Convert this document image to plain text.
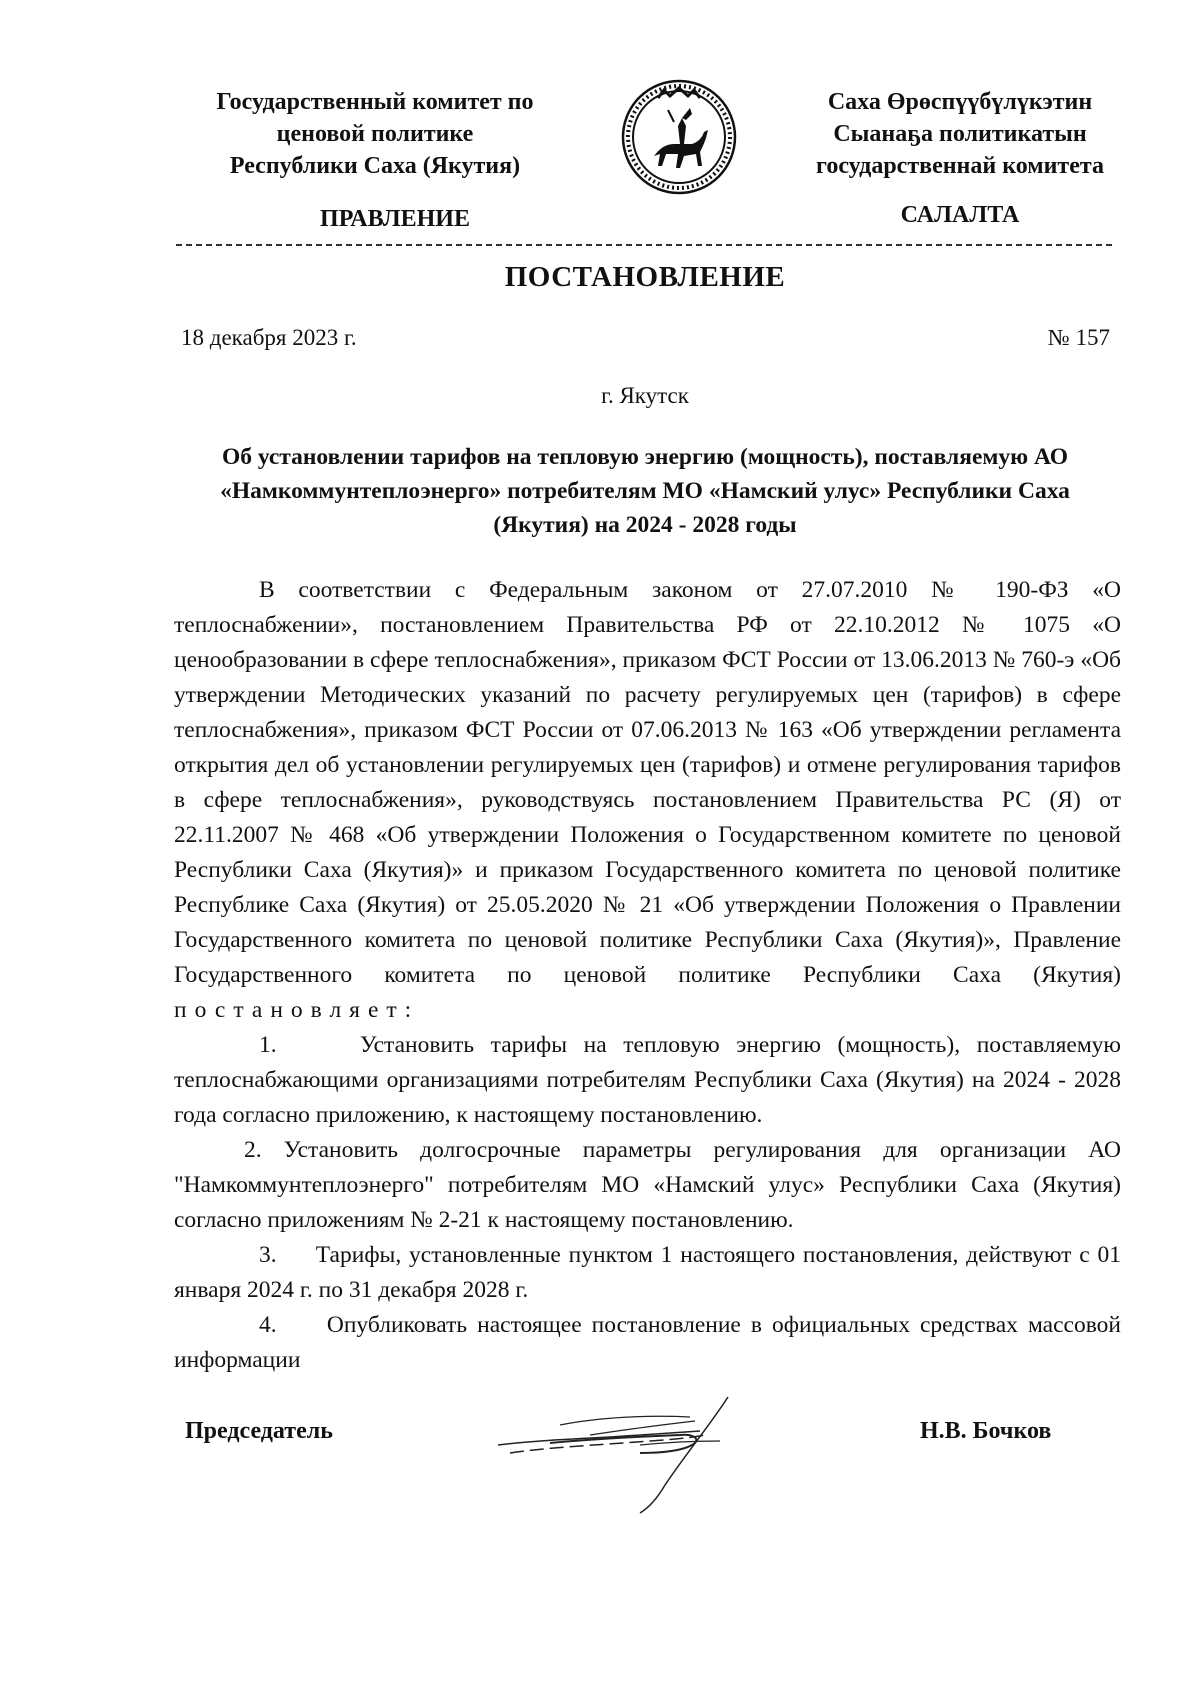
Государственный комитет по
ценовой политике
Республики Саха (Якутия)
Саха Өрөспүүбүлүкэтин
Сыанаҕа политикатын
государственнай комитета
ПРАВЛЕНИЕ	САЛАЛТА
ПОСТАНОВЛЕНИЕ
18 декабря 2023 г.	№ 157
г. Якутск
Об установлении тарифов на тепловую энергию (мощность), поставляемую АО «Намкоммунтеплоэнерго» потребителям МО «Намский улус» Республики Саха (Якутия) на 2024 - 2028 годы

В соответствии с Федеральным законом от 27.07.2010 № 190-ФЗ «О теплоснабжении», постановлением Правительства РФ от 22.10.2012 № 1075 «О ценообразовании в сфере теплоснабжения», приказом ФСТ России от 13.06.2013 № 760-э «Об утверждении Методических указаний по расчету регулируемых цен (тарифов) в сфере теплоснабжения», приказом ФСТ России от 07.06.2013 № 163 «Об утверждении регламента открытия дел об установлении регулируемых цен (тарифов) и отмене регулирования тарифов в сфере теплоснабжения», руководствуясь постановлением Правительства РС (Я) от 22.11.2007 № 468 «Об утверждении Положения о Государственном комитете по ценовой Республики Саха (Якутия)» и приказом Государственного комитета по ценовой политике Республике Саха (Якутия) от 25.05.2020 № 21 «Об утверждении Положения о Правлении Государственного комитета по ценовой политике Республики Саха (Якутия)», Правление Государственного комитета по ценовой политике Республики Саха (Якутия) постановляет:

1.     Установить тарифы на тепловую энергию (мощность), поставляемую теплоснабжающими организациями потребителям Республики Саха (Якутия) на 2024 - 2028 года согласно приложению, к настоящему постановлению.

2. Установить долгосрочные параметры регулирования для организации АО "Намкоммунтеплоэнерго" потребителям МО «Намский улус» Республики Саха (Якутия) согласно приложениям № 2-21 к настоящему постановлению.

3.     Тарифы, установленные пунктом 1 настоящего постановления, действуют с 01 января 2024 г. по 31 декабря 2028 г.

4.     Опубликовать настоящее постановление в официальных средствах массовой информации

Председатель	Н.В. Бочков
